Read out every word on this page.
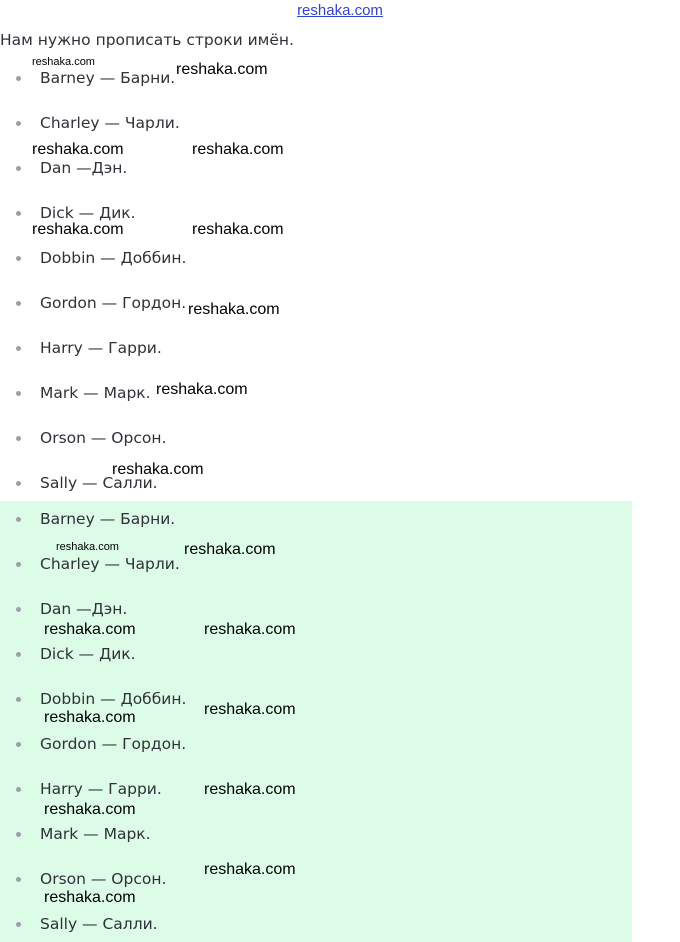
reshaka.com
Нам нужно прописать строки имён.
Barney — Барни.
Charley — Чарли.
Dan —Дэн.
Dick — Дик.
Dobbin — Доббин.
Gordon — Гордон.
Harry — Гарри.
Mark — Марк.
Orson — Орсон.
Sally — Салли.
Barney — Барни.
Charley — Чарли.
Dan —Дэн.
Dick — Дик.
Dobbin — Доббин.
Gordon — Гордон.
Harry — Гарри.
Mark — Марк.
Orson — Орсон.
Sally — Салли.
reshaka.com	reshaka.com
reshaka.com	reshaka.com
reshaka.com	reshaka.com
reshaka.com
reshaka.com
reshaka.com
reshaka.com	reshaka.com
reshaka.com	reshaka.com
reshaka.com
reshaka.com
reshaka.com
reshaka.com
reshaka.com
reshaka.com
